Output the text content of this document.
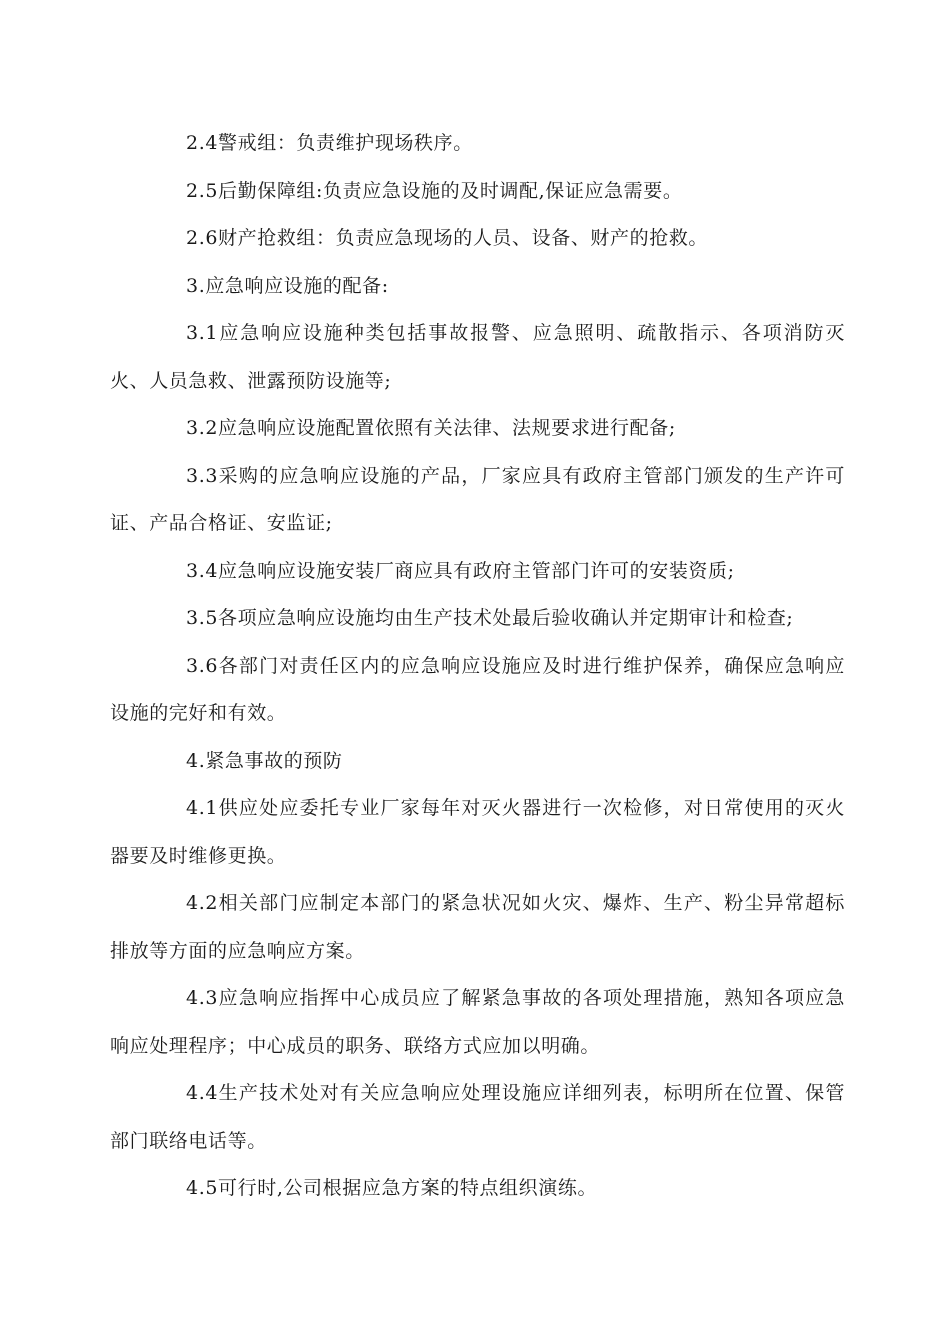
2.4警戒组：负责维护现场秩序。

2.5后勤保障组:负责应急设施的及时调配,保证应急需要。

2.6财产抢救组：负责应急现场的人员、设备、财产的抢救。

3.应急响应设施的配备:

3.1应急响应设施种类包括事故报警、应急照明、疏散指示、各项消防灭火、人员急救、泄露预防设施等;

3.2应急响应设施配置依照有关法律、法规要求进行配备;

3.3采购的应急响应设施的产品，厂家应具有政府主管部门颁发的生产许可证、产品合格证、安监证;

3.4应急响应设施安装厂商应具有政府主管部门许可的安装资质;

3.5各项应急响应设施均由生产技术处最后验收确认并定期审计和检查;

3.6各部门对责任区内的应急响应设施应及时进行维护保养，确保应急响应设施的完好和有效。

4.紧急事故的预防

4.1供应处应委托专业厂家每年对灭火器进行一次检修，对日常使用的灭火器要及时维修更换。

4.2相关部门应制定本部门的紧急状况如火灾、爆炸、生产、粉尘异常超标排放等方面的应急响应方案。

4.3应急响应指挥中心成员应了解紧急事故的各项处理措施，熟知各项应急响应处理程序；中心成员的职务、联络方式应加以明确。

4.4生产技术处对有关应急响应处理设施应详细列表，标明所在位置、保管部门联络电话等。

4.5可行时,公司根据应急方案的特点组织演练。
